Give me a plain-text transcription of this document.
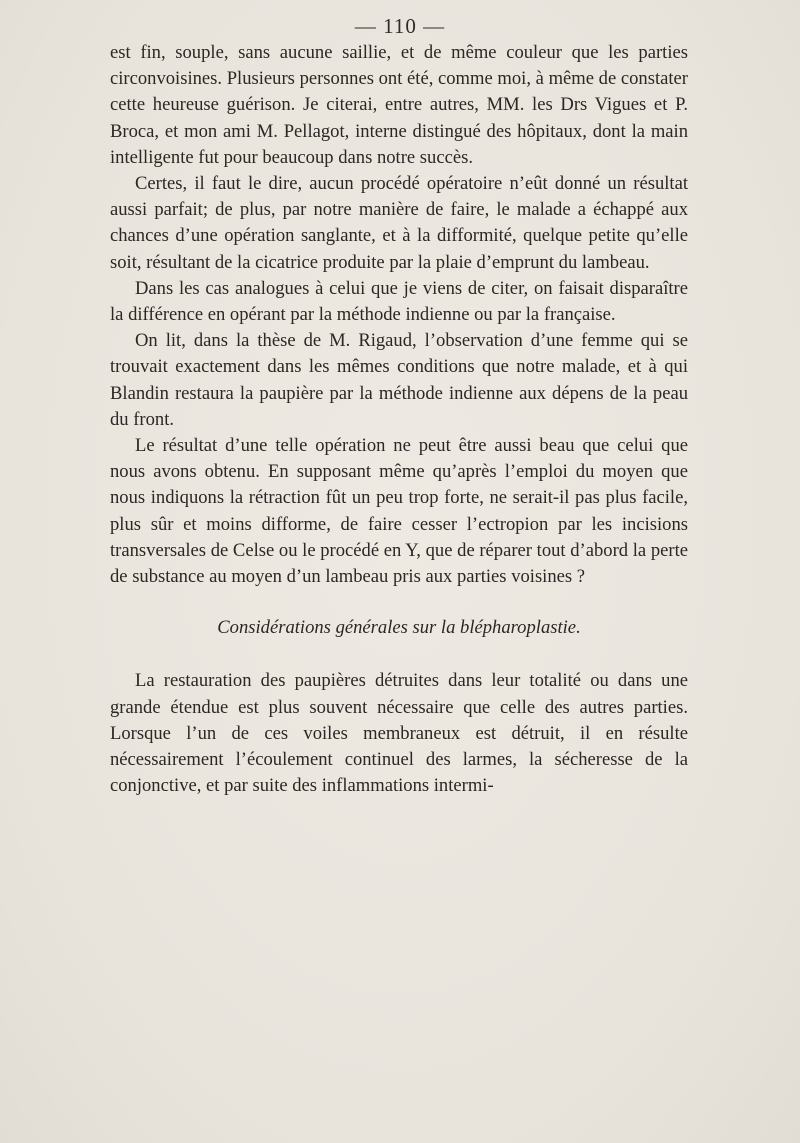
— 110 —

est fin, souple, sans aucune saillie, et de même couleur que les parties circonvoisines. Plusieurs personnes ont été, comme moi, à même de constater cette heureuse guérison. Je citerai, entre autres, MM. les Drs Vigues et P. Broca, et mon ami M. Pellagot, interne distingué des hôpitaux, dont la main intelligente fut pour beaucoup dans notre succès.

Certes, il faut le dire, aucun procédé opératoire n’eût donné un résultat aussi parfait; de plus, par notre manière de faire, le malade a échappé aux chances d’une opération sanglante, et à la difformité, quelque petite qu’elle soit, résultant de la cicatrice produite par la plaie d’emprunt du lambeau.

Dans les cas analogues à celui que je viens de citer, on faisait disparaître la différence en opérant par la méthode indienne ou par la française.

On lit, dans la thèse de M. Rigaud, l’observation d’une femme qui se trouvait exactement dans les mêmes conditions que notre malade, et à qui Blandin restaura la paupière par la méthode indienne aux dépens de la peau du front.

Le résultat d’une telle opération ne peut être aussi beau que celui que nous avons obtenu. En supposant même qu’après l’emploi du moyen que nous indiquons la rétraction fût un peu trop forte, ne serait-il pas plus facile, plus sûr et moins difforme, de faire cesser l’ectropion par les incisions transversales de Celse ou le procédé en Y, que de réparer tout d’abord la perte de substance au moyen d’un lambeau pris aux parties voisines ?

Considérations générales sur la blépharoplastie.

La restauration des paupières détruites dans leur totalité ou dans une grande étendue est plus souvent nécessaire que celle des autres parties. Lorsque l’un de ces voiles membraneux est détruit, il en résulte nécessairement l’écoulement continuel des larmes, la sécheresse de la conjonctive, et par suite des inflammations intermi-
